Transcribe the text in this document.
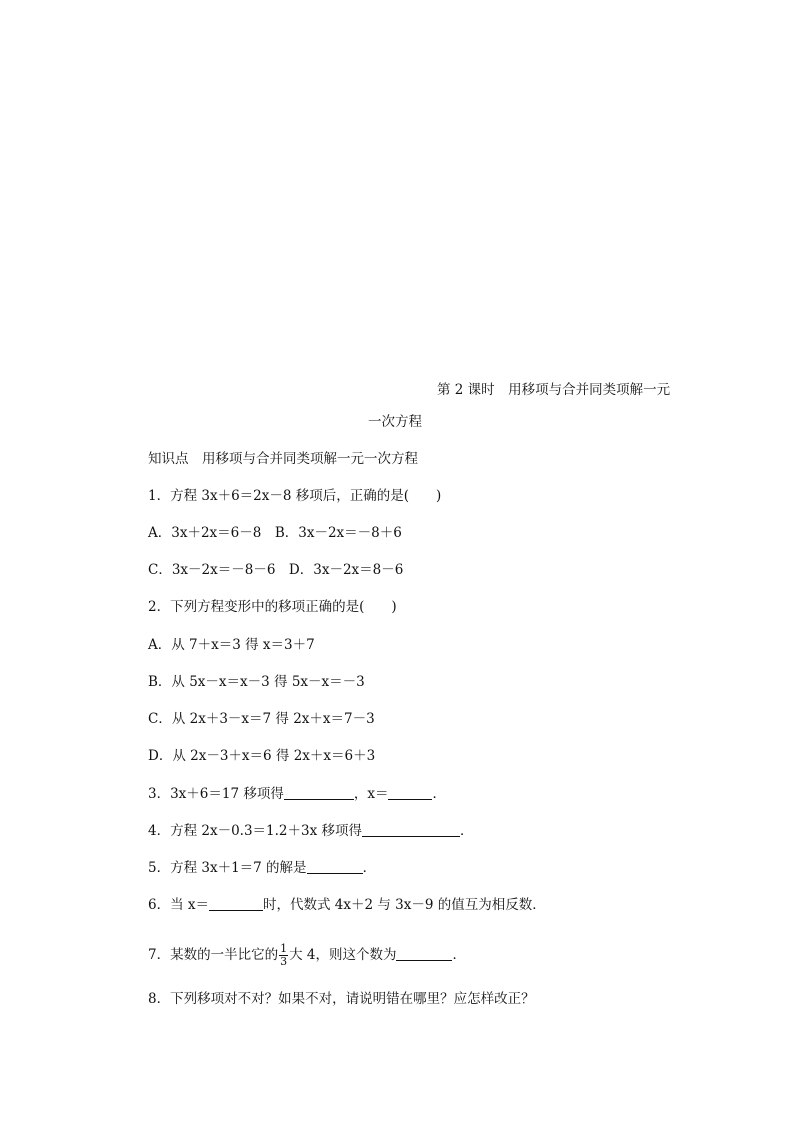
第 2 课时　用移项与合并同类项解一元
一次方程
知识点　用移项与合并同类项解一元一次方程
1．方程 3x＋6＝2x－8 移项后，正确的是(　　)
A．3x＋2x＝6－8　B．3x－2x＝－8＋6
C．3x－2x＝－8－6　D．3x－2x＝8－6
2．下列方程变形中的移项正确的是(　　)
A．从 7＋x＝3 得 x＝3＋7
B．从 5x－x＝x－3 得 5x－x＝－3
C．从 2x＋3－x＝7 得 2x＋x＝7－3
D．从 2x－3＋x＝6 得 2x＋x＝6＋3
3．3x＋6＝17 移项得	，x＝	．
4．方程 2x－0.3＝1.2＋3x 移项得	．
5．方程 3x＋1＝7 的解是	．
6．当 x＝	时，代数式 4x＋2 与 3x－9 的值互为相反数．
7．某数的一半比它的 $\frac{1}{3}$ 大 4，则这个数为	．
8．下列移项对不对？如果不对，请说明错在哪里？应怎样改正？
